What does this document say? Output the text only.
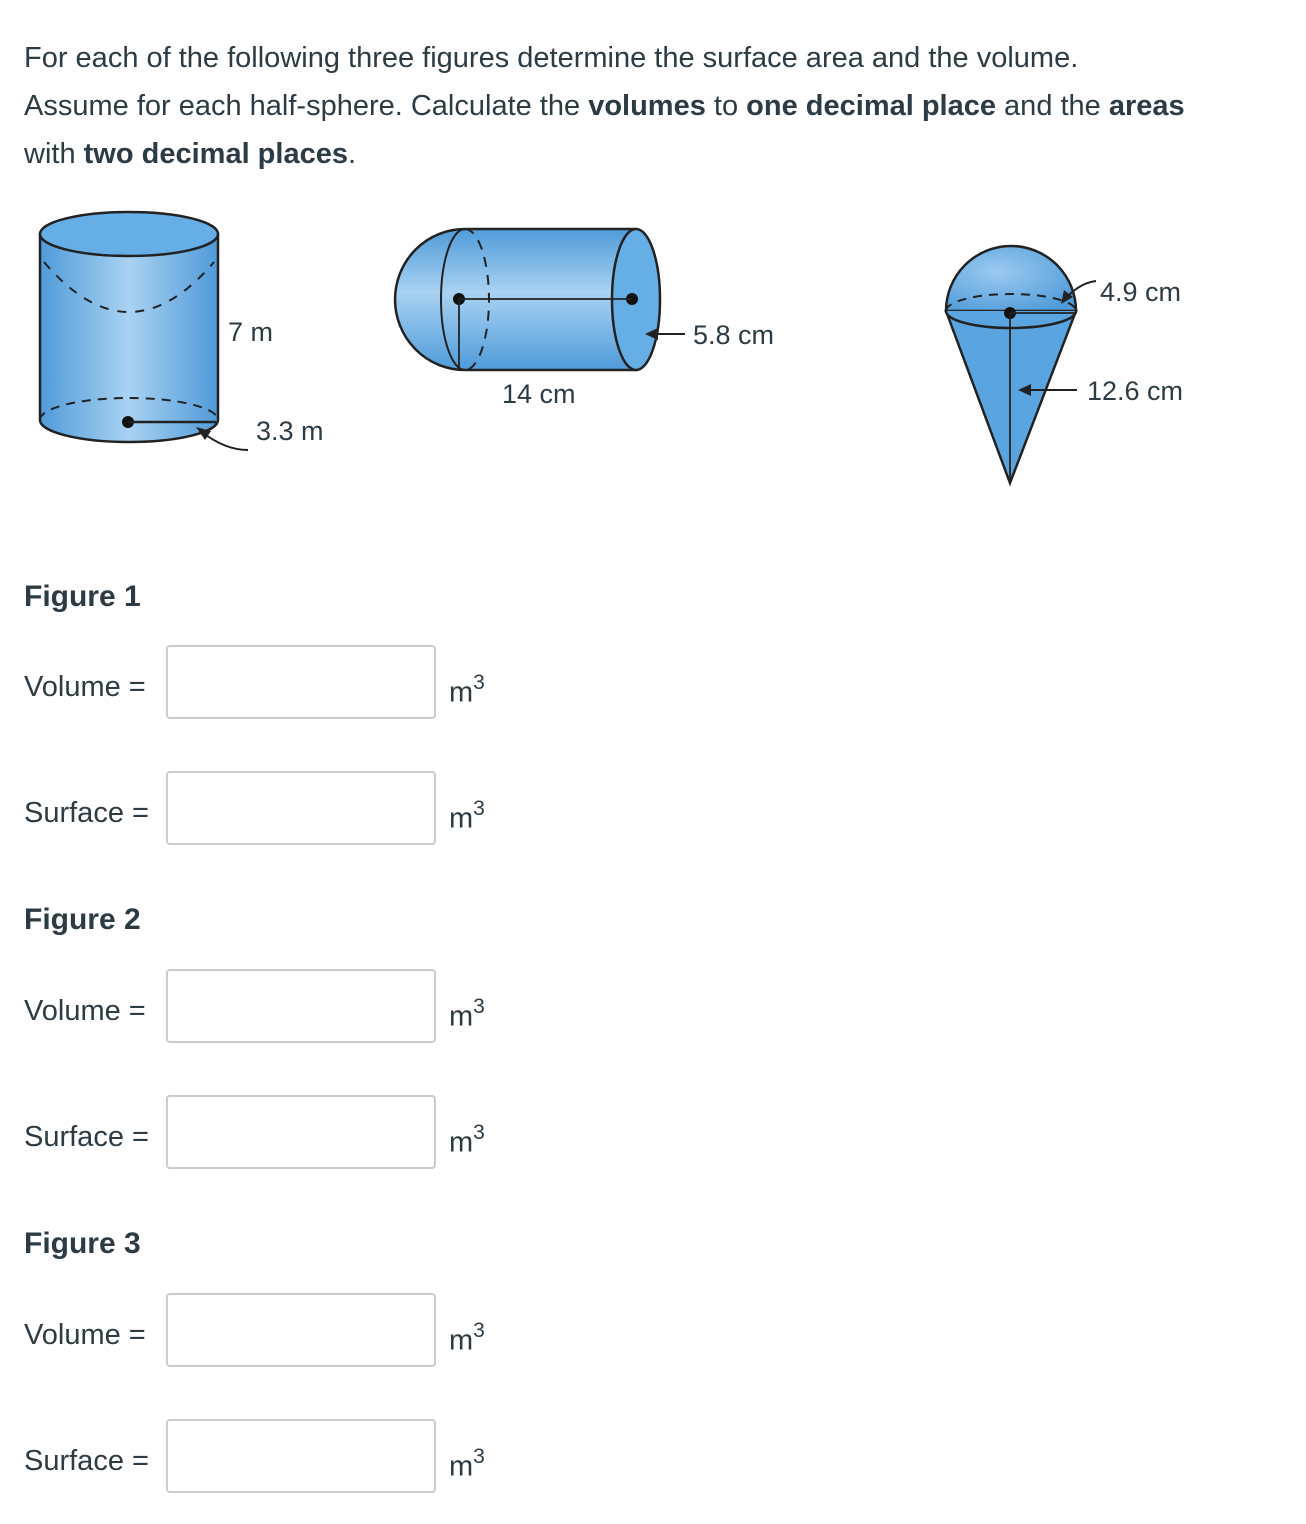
For each of the following three figures determine the surface area and the volume.
Assume for each half-sphere. Calculate the volumes to one decimal place and the areas
with two decimal places.

7 m
3.3 m
14 cm
5.8 cm
4.9 cm
12.6 cm
Figure 1
Volume =	$m^3$
Surface =	$m^3$
Figure 2
Volume =	$m^3$
Surface =	$m^3$
Figure 3
Volume =	$m^3$
Surface =	$m^3$
